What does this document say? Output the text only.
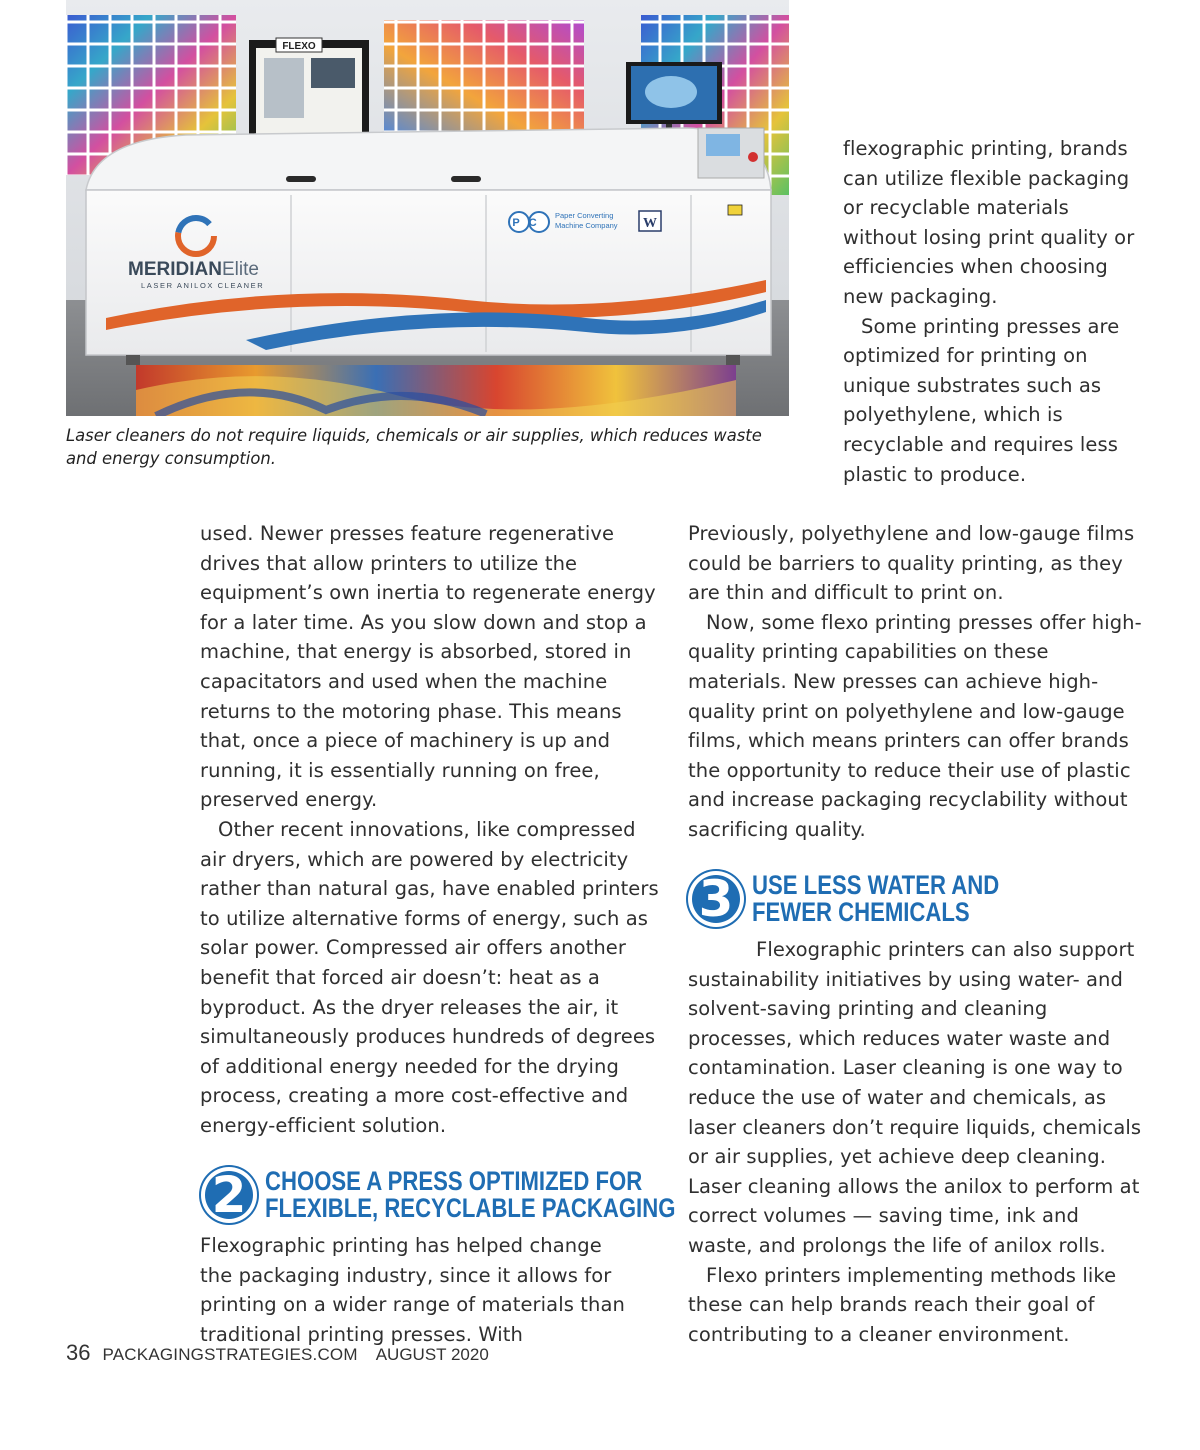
FLEXO
MERIDIANElite
LASER ANILOX CLEANER
PC
Paper Converting
Machine Company W
Laser cleaners do not require liquids, chemicals or air supplies, which reduces waste and energy consumption.

flexographic printing, brands can utilize flexible packaging or recyclable materials without losing print quality or efficiencies when choosing new packaging.

Some printing presses are optimized for printing on unique substrates such as polyethylene, which is recyclable and requires less plastic to produce.

used. Newer presses feature regenerative drives that allow printers to utilize the equipment’s own inertia to regenerate energy for a later time. As you slow down and stop a machine, that energy is absorbed, stored in capacitators and used when the machine returns to the motoring phase. This means that, once a piece of machinery is up and running, it is essentially running on free, preserved energy.

Other recent innovations, like compressed air dryers, which are powered by electricity rather than natural gas, have enabled printers to utilize alternative forms of energy, such as solar power. Compressed air offers another benefit that forced air doesn’t: heat as a byproduct. As the dryer releases the air, it simultaneously produces hundreds of degrees of additional energy needed for the drying process, creating a more cost-effective and energy-efficient solution.

2 CHOOSE A PRESS OPTIMIZED FOR
FLEXIBLE, RECYCLABLE PACKAGING

Flexographic printing has helped change the packaging industry, since it allows for printing on a wider range of materials than traditional printing presses. With

Previously, polyethylene and low-gauge films could be barriers to quality printing, as they are thin and difficult to print on.

Now, some flexo printing presses offer high-quality printing capabilities on these materials. New presses can achieve high-quality print on polyethylene and low-gauge films, which means printers can offer brands the opportunity to reduce their use of plastic and increase packaging recyclability without sacrificing quality.

3 USE LESS WATER AND
FEWER CHEMICALS

Flexographic printers can also support sustainability initiatives by using water- and solvent-saving printing and cleaning processes, which reduces water waste and contamination. Laser cleaning is one way to reduce the use of water and chemicals, as laser cleaners don’t require liquids, chemicals or air supplies, yet achieve deep cleaning. Laser cleaning allows the anilox to perform at correct volumes — saving time, ink and waste, and prolongs the life of anilox rolls.

Flexo printers implementing methods like these can help brands reach their goal of contributing to a cleaner environment.

36 PACKAGINGSTRATEGIES.COM AUGUST 2020
